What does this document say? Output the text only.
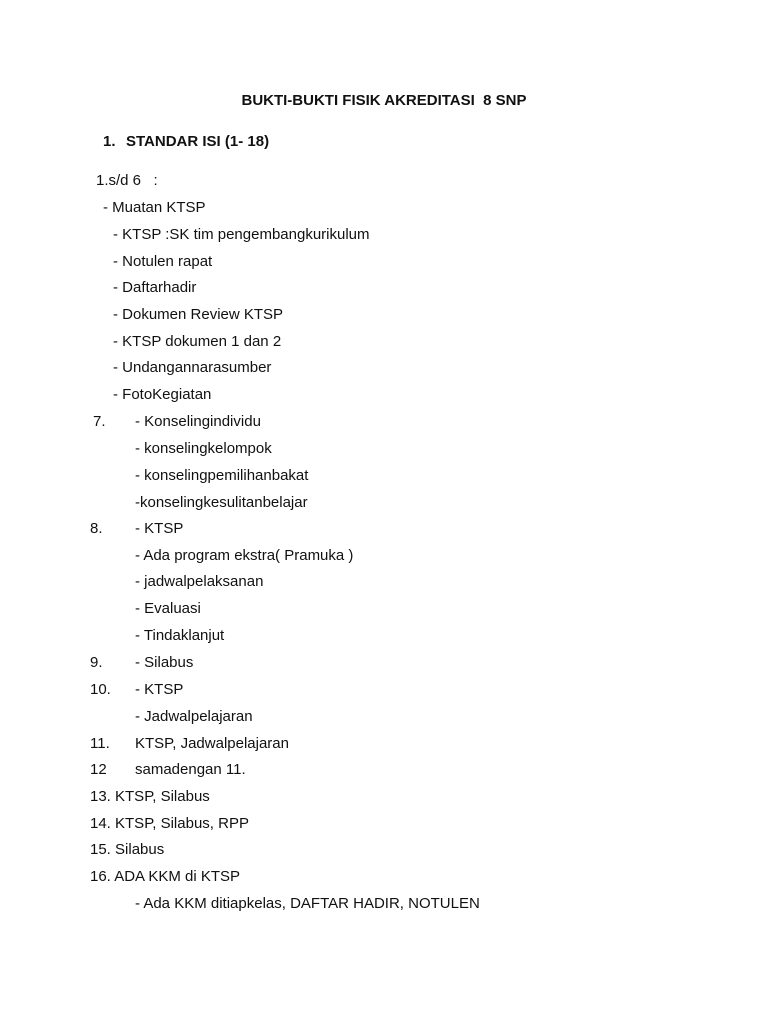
BUKTI-BUKTI FISIK AKREDITASI  8 SNP
1. STANDAR ISI (1- 18)
1.s/d 6   :
- Muatan KTSP
- KTSP :SK tim pengembangkurikulum
- Notulen rapat
- Daftarhadir
- Dokumen Review KTSP
- KTSP dokumen 1 dan 2
- Undangannarasumber
- FotoKegiatan
7. - Konselingindividu
- konselingkelompok
- konselingpemilihanbakat
-konselingkesulitanbelajar
8. - KTSP
- Ada program ekstra( Pramuka )
- jadwalpelaksanan
- Evaluasi
- Tindaklanjut
9. - Silabus
10. - KTSP
- Jadwalpelajaran
11. KTSP, Jadwalpelajaran
12 samadengan 11.
13. KTSP, Silabus
14. KTSP, Silabus, RPP
15. Silabus
16. ADA KKM di KTSP
- Ada KKM ditiapkelas, DAFTAR HADIR, NOTULEN
